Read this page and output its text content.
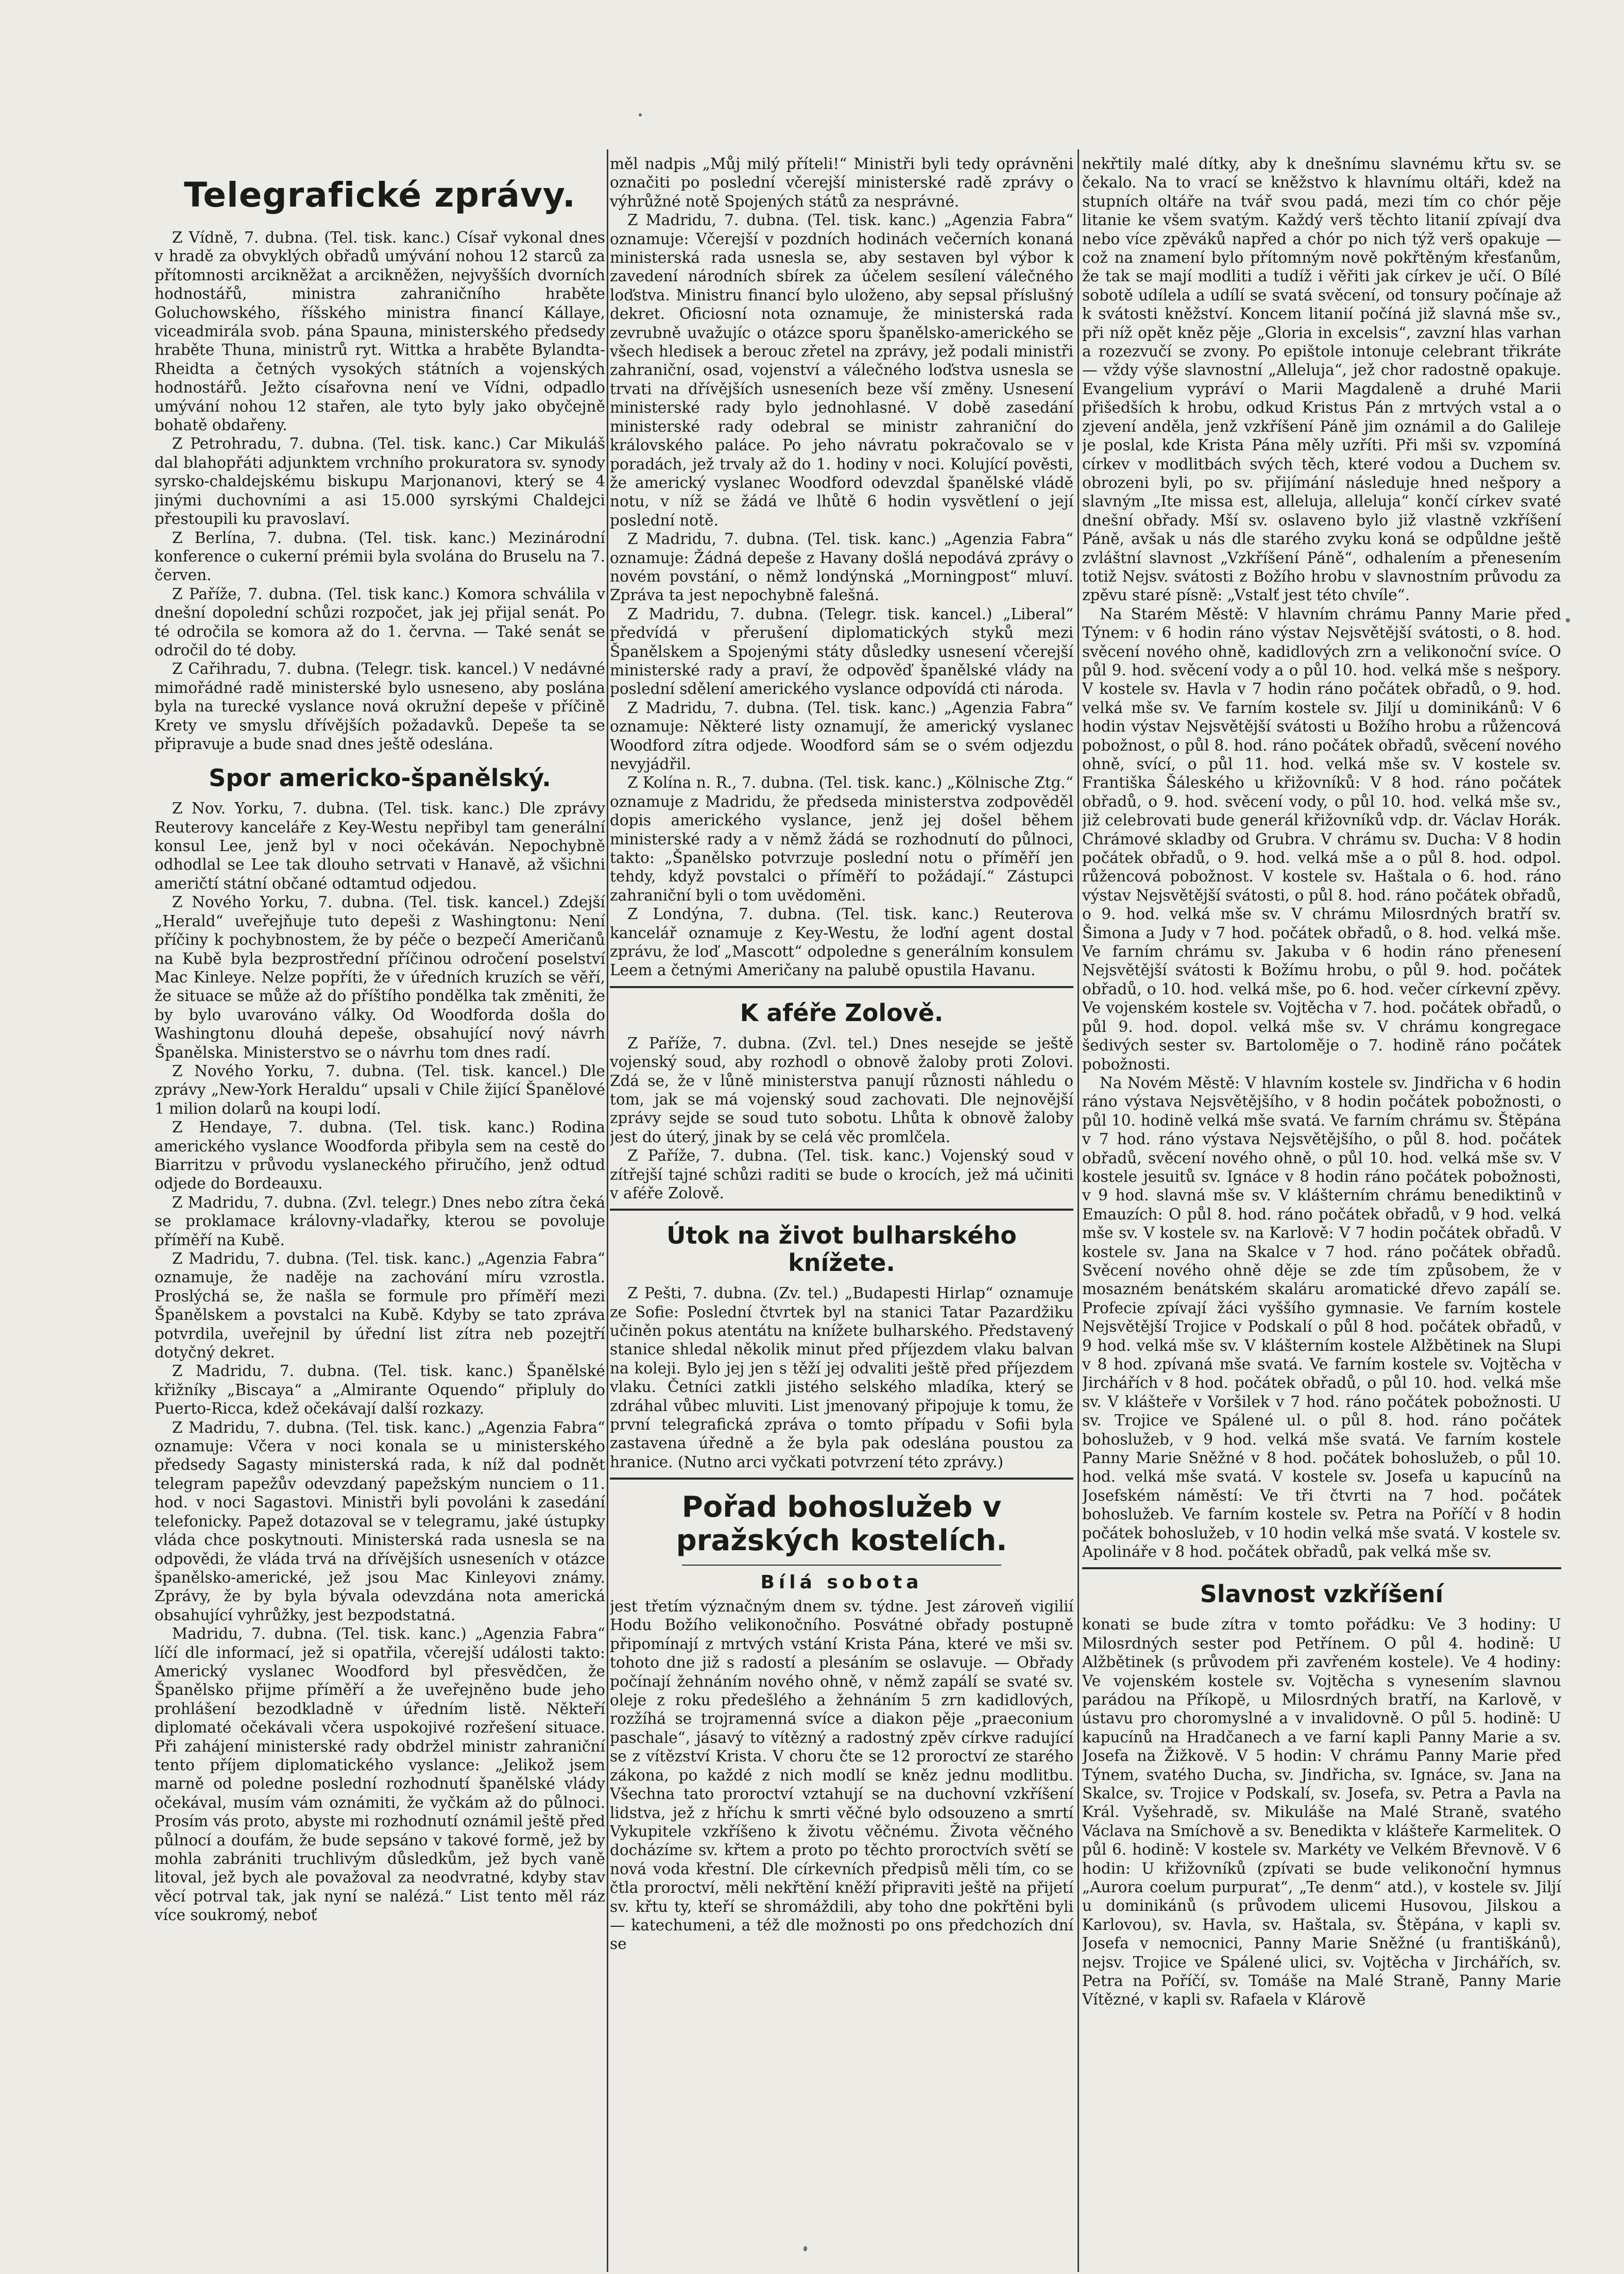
Telegrafické zprávy.

Z Vídně, 7. dubna. (Tel. tisk. kanc.) Císař vykonal dnes v hradě za obvyklých obřadů umývání nohou 12 starců za přítomnosti arcikněžat a arcikněžen, nejvyšších dvorních hodnostářů, ministra zahraničního hraběte Goluchowského, říšského ministra financí Kállaye, viceadmirála svob. pána Spauna, ministerského předsedy hraběte Thuna, ministrů ryt. Wittka a hraběte Bylandta-Rheidta a četných vysokých státních a vojenských hodnostářů. Ježto císařovna není ve Vídni, odpadlo umývání nohou 12 stařen, ale tyto byly jako obyčejně bohatě obdařeny.

Z Petrohradu, 7. dubna. (Tel. tisk. kanc.) Car Mikuláš dal blahopřáti adjunktem vrchního prokuratora sv. synody syrsko-chaldejskému biskupu Marjonanovi, který se 4 jinými duchovními a asi 15.000 syrskými Chaldejci přestoupili ku pravoslaví.

Z Berlína, 7. dubna. (Tel. tisk. kanc.) Mezinárodní konference o cukerní prémii byla svolána do Bruselu na 7. červen.

Z Paříže, 7. dubna. (Tel. tisk kanc.) Komora schválila v dnešní dopolední schůzi rozpočet, jak jej přijal senát. Po té odročila se komora až do 1. června. — Také senát se odročil do té doby.

Z Cařihradu, 7. dubna. (Telegr. tisk. kancel.) V nedávné mimořádné radě ministerské bylo usneseno, aby poslána byla na turecké vyslance nová okružní depeše v příčině Krety ve smyslu dřívějších požadavků. Depeše ta se připravuje a bude snad dnes ještě odeslána.

Spor americko-španělský.

Z Nov. Yorku, 7. dubna. (Tel. tisk. kanc.) Dle zprávy Reuterovy kanceláře z Key-Westu nepřibyl tam generální konsul Lee, jenž byl v noci očekáván. Nepochybně odhodlal se Lee tak dlouho setrvati v Hanavě, až všichni američtí státní občané odtamtud odjedou.

Z Nového Yorku, 7. dubna. (Tel. tisk. kancel.) Zdejší „Herald“ uveřejňuje tuto depeši z Washingtonu: Není příčiny k pochybnostem, že by péče o bezpečí Američanů na Kubě byla bezprostřední příčinou odročení poselství Mac Kinleye. Nelze popříti, že v úředních kruzích se věří, že situace se může až do příštího pondělka tak změniti, že by bylo uvarováno války. Od Woodforda došla do Washingtonu dlouhá depeše, obsahující nový návrh Španělska. Ministerstvo se o návrhu tom dnes radí.

Z Nového Yorku, 7. dubna. (Tel. tisk. kancel.) Dle zprávy „New-York Heraldu“ upsali v Chile žijící Španělové 1 milion dolarů na koupi lodí.

Z Hendaye, 7. dubna. (Tel. tisk. kanc.) Rodina amerického vyslance Woodforda přibyla sem na cestě do Biarritzu v průvodu vyslaneckého přiručího, jenž odtud odjede do Bordeauxu.

Z Madridu, 7. dubna. (Zvl. telegr.) Dnes nebo zítra čeká se proklamace královny-vladařky, kterou se povoluje příměří na Kubě.

Z Madridu, 7. dubna. (Tel. tisk. kanc.) „Agenzia Fabra“ oznamuje, že naděje na zachování míru vzrostla. Proslýchá se, že našla se formule pro příměří mezi Španělskem a povstalci na Kubě. Kdyby se tato zpráva potvrdila, uveřejnil by úřední list zítra neb pozejtří dotyčný dekret.

Z Madridu, 7. dubna. (Tel. tisk. kanc.) Španělské křižníky „Biscaya“ a „Almirante Oquendo“ připluly do Puerto-Ricca, kdež očekávají další rozkazy.

Z Madridu, 7. dubna. (Tel. tisk. kanc.) „Agenzia Fabra“ oznamuje: Včera v noci konala se u ministerského předsedy Sagasty ministerská rada, k níž dal podnět telegram papežův odevzdaný papežským nunciem o 11. hod. v noci Sagastovi. Ministři byli povoláni k zasedání telefonicky. Papež dotazoval se v telegramu, jaké ústupky vláda chce poskytnouti. Ministerská rada usnesla se na odpovědi, že vláda trvá na dřívějších usneseních v otázce španělsko-americké, jež jsou Mac Kinleyovi známy. Zprávy, že by byla bývala odevzdána nota americká obsahující vyhrůžky, jest bezpodstatná.

Madridu, 7. dubna. (Tel. tisk. kanc.) „Agenzia Fabra“ líčí dle informací, jež si opatřila, včerejší události takto: Americký vyslanec Woodford byl přesvědčen, že Španělsko přijme příměří a že uveřejněno bude jeho prohlášení bezodkladně v úředním listě. Někteří diplomaté očekávali včera uspokojivé rozřešení situace. Při zahájení ministerské rady obdržel ministr zahraniční tento příjem diplomatického vyslance: „Jelikož jsem marně od poledne poslední rozhodnutí španělské vlády očekával, musím vám oznámiti, že vyčkám až do půlnoci. Prosím vás proto, abyste mi rozhodnutí oznámil ještě před půlnocí a doufám, že bude sepsáno v takové formě, jež by mohla zabrániti truchlivým důsledkům, jež bych vaně litoval, jež bych ale považoval za neodvratné, kdyby stav věcí potrval tak, jak nyní se nalézá.“ List tento měl ráz více soukromý, neboť

měl nadpis „Můj milý příteli!“ Ministři byli tedy oprávněni označiti po poslední včerejší ministerské radě zprávy o výhrůžné notě Spojených států za nesprávné.

Z Madridu, 7. dubna. (Tel. tisk. kanc.) „Agenzia Fabra“ oznamuje: Včerejší v pozdních hodinách večerních konaná ministerská rada usnesla se, aby sestaven byl výbor k zavedení národních sbírek za účelem sesílení válečného loďstva. Ministru financí bylo uloženo, aby sepsal příslušný dekret. Oficiosní nota oznamuje, že ministerská rada zevrubně uvažujíc o otázce sporu španělsko-amerického se všech hledisek a berouc zřetel na zprávy, jež podali ministři zahraniční, osad, vojenství a válečného loďstva usnesla se trvati na dřívějších usneseních beze vší změny. Usnesení ministerské rady bylo jednohlasné. V době zasedání ministerské rady odebral se ministr zahraniční do královského paláce. Po jeho návratu pokračovalo se v poradách, jež trvaly až do 1. hodiny v noci. Kolující pověsti, že americký vyslanec Woodford odevzdal španělské vládě notu, v níž se žádá ve lhůtě 6 hodin vysvětlení o její poslední notě.

Z Madridu, 7. dubna. (Tel. tisk. kanc.) „Agenzia Fabra“ oznamuje: Žádná depeše z Havany došlá nepodává zprávy o novém povstání, o němž londýnská „Morningpost“ mluví. Zpráva ta jest nepochybně falešná.

Z Madridu, 7. dubna. (Telegr. tisk. kancel.) „Liberal“ předvídá v přerušení diplomatických styků mezi Španělskem a Spojenými státy důsledky usnesení včerejší ministerské rady a praví, že odpověď španělské vlády na poslední sdělení amerického vyslance odpovídá cti národa.

Z Madridu, 7. dubna. (Tel. tisk. kanc.) „Agenzia Fabra“ oznamuje: Některé listy oznamují, že americký vyslanec Woodford zítra odjede. Woodford sám se o svém odjezdu nevyjádřil.

Z Kolína n. R., 7. dubna. (Tel. tisk. kanc.) „Kölnische Ztg.“ oznamuje z Madridu, že předseda ministerstva zodpověděl dopis amerického vyslance, jenž jej došel během ministerské rady a v němž žádá se rozhodnutí do půlnoci, takto: „Španělsko potvrzuje poslední notu o příměří jen tehdy, když povstalci o příměří to požádají.“ Zástupci zahraniční byli o tom uvědoměni.

Z Londýna, 7. dubna. (Tel. tisk. kanc.) Reuterova kancelář oznamuje z Key-Westu, že loďní agent dostal zprávu, že loď „Mascott“ odpoledne s generálním konsulem Leem a četnými Američany na palubě opustila Havanu.

K aféře Zolově.

Z Paříže, 7. dubna. (Zvl. tel.) Dnes nesejde se ještě vojenský soud, aby rozhodl o obnově žaloby proti Zolovi. Zdá se, že v lůně ministerstva panují různosti náhledu o tom, jak se má vojenský soud zachovati. Dle nejnovější zprávy sejde se soud tuto sobotu. Lhůta k obnově žaloby jest do úterý, jinak by se celá věc promlčela.

Z Paříže, 7. dubna. (Tel. tisk. kanc.) Vojenský soud v zítřejší tajné schůzi raditi se bude o krocích, jež má učiniti v aféře Zolově.

Útok na život bulharského knížete.

Z Pešti, 7. dubna. (Zv. tel.) „Budapesti Hirlap“ oznamuje ze Sofie: Poslední čtvrtek byl na stanici Tatar Pazardžiku učiněn pokus atentátu na knížete bulharského. Představený stanice shledal několik minut před příjezdem vlaku balvan na koleji. Bylo jej jen s těží jej odvaliti ještě před příjezdem vlaku. Četníci zatkli jistého selského mladíka, který se zdráhal vůbec mluviti. List jmenovaný připojuje k tomu, že první telegrafická zpráva o tomto případu v Sofii byla zastavena úředně a že byla pak odeslána poustou za hranice. (Nutno arci vyčkati potvrzení této zprávy.)

Pořad bohoslužeb v pražských kostelích.
Bílá sobota

jest třetím význačným dnem sv. týdne. Jest zároveň vigilií Hodu Božího velikonočního. Posvátné obřady postupně připomínají z mrtvých vstání Krista Pána, které ve mši sv. tohoto dne již s radostí a plesáním se oslavuje. — Obřady počínají žehnáním nového ohně, v němž zapálí se svaté sv. oleje z roku předešlého a žehnáním 5 zrn kadidlových, rozžíhá se trojramenná svíce a diakon pěje „praeconium paschale“, jásavý to vítězný a radostný zpěv církve radující se z vítězství Krista. V choru čte se 12 proroctví ze starého zákona, po každé z nich modlí se kněz jednu modlitbu. Všechna tato proroctví vztahují se na duchovní vzkříšení lidstva, jež z hříchu k smrti věčné bylo odsouzeno a smrtí Vykupitele vzkříšeno k životu věčnému. Života věčného docházíme sv. křtem a proto po těchto proroctvích světí se nová voda křestní. Dle církevních předpisů měli tím, co se čtla proroctví, měli nekřtění kněží připraviti ještě na přijetí sv. křtu ty, kteří se shromáždili, aby toho dne pokřtěni byli — katechumeni, a též dle možnosti po ons předchozích dní se

nekřtily malé dítky, aby k dnešnímu slavnému křtu sv. se čekalo. Na to vrací se kněžstvo k hlavnímu oltáři, kdež na stupních oltáře na tvář svou padá, mezi tím co chór pěje litanie ke všem svatým. Každý verš těchto litanií zpívají dva nebo více zpěváků napřed a chór po nich týž verš opakuje — což na znamení bylo přítomným nově pokřtěným křesťanům, že tak se mají modliti a tudíž i věřiti jak církev je učí. O Bílé sobotě udílela a udílí se svatá svěcení, od tonsury počínaje až k svátosti kněžství. Koncem litanií počíná již slavná mše sv., při níž opět kněz pěje „Gloria in excelsis“, zavzní hlas varhan a rozezvučí se zvony. Po epištole intonuje celebrant třikráte — vždy výše slavnostní „Alleluja“, jež chor radostně opakuje. Evangelium vypráví o Marii Magdaleně a druhé Marii přišedších k hrobu, odkud Kristus Pán z mrtvých vstal a o zjevení anděla, jenž vzkříšení Páně jim oznámil a do Galileje je poslal, kde Krista Pána měly uzříti. Při mši sv. vzpomíná církev v modlitbách svých těch, které vodou a Duchem sv. obrozeni byli, po sv. přijímání následuje hned nešpory a slavným „Ite missa est, alleluja, alleluja“ končí církev svaté dnešní obřady. Mší sv. oslaveno bylo již vlastně vzkříšení Páně, avšak u nás dle starého zvyku koná se odpůldne ještě zvláštní slavnost „Vzkříšení Páně“, odhalením a přenesením totiž Nejsv. svátosti z Božího hrobu v slavnostním průvodu za zpěvu staré písně: „Vstalť jest této chvíle“.

Na Starém Městě: V hlavním chrámu Panny Marie před Týnem: v 6 hodin ráno výstav Nejsvětější svátosti, o 8. hod. svěcení nového ohně, kadidlových zrn a velikonoční svíce. O půl 9. hod. svěcení vody a o půl 10. hod. velká mše s nešpory. V kostele sv. Havla v 7 hodin ráno počátek obřadů, o 9. hod. velká mše sv. Ve farním kostele sv. Jiljí u dominikánů: V 6 hodin výstav Nejsvětější svátosti u Božího hrobu a růžencová pobožnost, o půl 8. hod. ráno počátek obřadů, svěcení nového ohně, svící, o půl 11. hod. velká mše sv. V kostele sv. Františka Šáleského u křižovníků: V 8 hod. ráno počátek obřadů, o 9. hod. svěcení vody, o půl 10. hod. velká mše sv., již celebrovati bude generál křižovníků vdp. dr. Václav Horák. Chrámové skladby od Grubra. V chrámu sv. Ducha: V 8 hodin počátek obřadů, o 9. hod. velká mše a o půl 8. hod. odpol. růžencová pobožnost. V kostele sv. Haštala o 6. hod. ráno výstav Nejsvětější svátosti, o půl 8. hod. ráno počátek obřadů, o 9. hod. velká mše sv. V chrámu Milosrdných bratří sv. Šimona a Judy v 7 hod. počátek obřadů, o 8. hod. velká mše. Ve farním chrámu sv. Jakuba v 6 hodin ráno přenesení Nejsvětější svátosti k Božímu hrobu, o půl 9. hod. počátek obřadů, o 10. hod. velká mše, po 6. hod. večer církevní zpěvy. Ve vojenském kostele sv. Vojtěcha v 7. hod. počátek obřadů, o půl 9. hod. dopol. velká mše sv. V chrámu kongregace šedivých sester sv. Bartoloměje o 7. hodině ráno počátek pobožnosti.

Na Novém Městě: V hlavním kostele sv. Jindřicha v 6 hodin ráno výstava Nejsvětějšího, v 8 hodin počátek pobožnosti, o půl 10. hodině velká mše svatá. Ve farním chrámu sv. Štěpána v 7 hod. ráno výstava Nejsvětějšího, o půl 8. hod. počátek obřadů, svěcení nového ohně, o půl 10. hod. velká mše sv. V kostele jesuitů sv. Ignáce v 8 hodin ráno počátek pobožnosti, v 9 hod. slavná mše sv. V klášterním chrámu benediktinů v Emauzích: O půl 8. hod. ráno počátek obřadů, v 9 hod. velká mše sv. V kostele sv. na Karlově: V 7 hodin počátek obřadů. V kostele sv. Jana na Skalce v 7 hod. ráno počátek obřadů. Svěcení nového ohně děje se zde tím způsobem, že v mosazném benátském skaláru aromatické dřevo zapálí se. Profecie zpívají žáci vyššího gymnasie. Ve farním kostele Nejsvětější Trojice v Podskalí o půl 8 hod. počátek obřadů, v 9 hod. velká mše sv. V klášterním kostele Alžbětinek na Slupi v 8 hod. zpívaná mše svatá. Ve farním kostele sv. Vojtěcha v Jirchářích v 8 hod. počátek obřadů, o půl 10. hod. velká mše sv. V klášteře v Voršilek v 7 hod. ráno počátek pobožnosti. U sv. Trojice ve Spálené ul. o půl 8. hod. ráno počátek bohoslužeb, v 9 hod. velká mše svatá. Ve farním kostele Panny Marie Sněžné v 8 hod. počátek bohoslužeb, o půl 10. hod. velká mše svatá. V kostele sv. Josefa u kapucínů na Josefském náměstí: Ve tři čtvrti na 7 hod. počátek bohoslužeb. Ve farním kostele sv. Petra na Poříčí v 8 hodin počátek bohoslužeb, v 10 hodin velká mše svatá. V kostele sv. Apolináře v 8 hod. počátek obřadů, pak velká mše sv.

Slavnost vzkříšení

konati se bude zítra v tomto pořádku: Ve 3 hodiny: U Milosrdných sester pod Petřínem. O půl 4. hodině: U Alžbětinek (s průvodem při zavřeném kostele). Ve 4 hodiny: Ve vojenském kostele sv. Vojtěcha s vynesením slavnou parádou na Příkopě, u Milosrdných bratří, na Karlově, v ústavu pro choromyslné a v invalidovně. O půl 5. hodině: U kapucínů na Hradčanech a ve farní kapli Panny Marie a sv. Josefa na Žižkově. V 5 hodin: V chrámu Panny Marie před Týnem, svatého Ducha, sv. Jindřicha, sv. Ignáce, sv. Jana na Skalce, sv. Trojice v Podskalí, sv. Josefa, sv. Petra a Pavla na Král. Vyšehradě, sv. Mikuláše na Malé Straně, svatého Václava na Smíchově a sv. Benedikta v klášteře Karmelitek. O půl 6. hodině: V kostele sv. Markéty ve Velkém Břevnově. V 6 hodin: U křižovníků (zpívati se bude velikonoční hymnus „Aurora coelum purpurat“, „Te denm“ atd.), v kostele sv. Jiljí u dominikánů (s průvodem ulicemi Husovou, Jilskou a Karlovou), sv. Havla, sv. Haštala, sv. Štěpána, v kapli sv. Josefa v nemocnici, Panny Marie Sněžné (u františkánů), nejsv. Trojice ve Spálené ulici, sv. Vojtěcha v Jirchářích, sv. Petra na Poříčí, sv. Tomáše na Malé Straně, Panny Marie Vítězné, v kapli sv. Rafaela v Klárově
